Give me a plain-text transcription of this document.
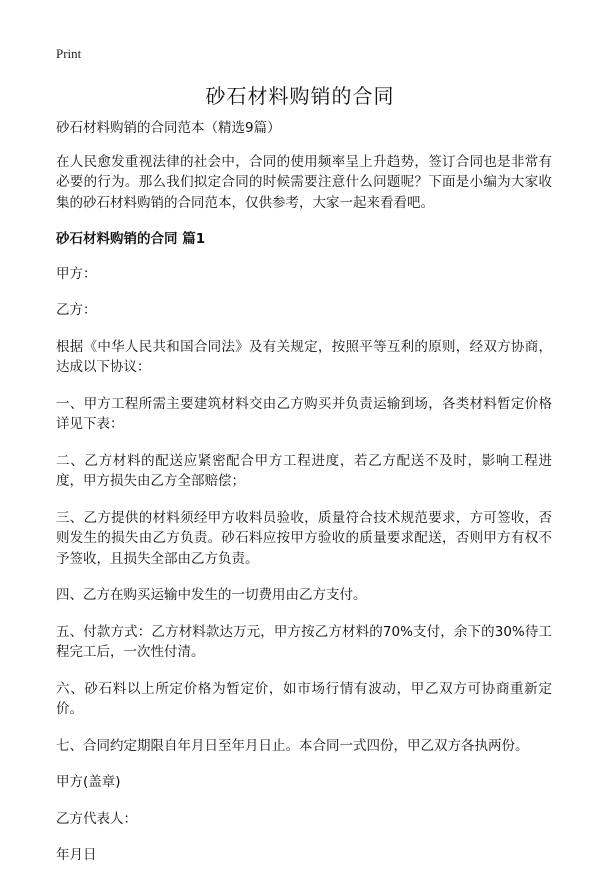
Print
砂石材料购销的合同

砂石材料购销的合同范本（精选9篇）

在人民愈发重视法律的社会中，合同的使用频率呈上升趋势，签订合同也是非常有必要的行为。那么我们拟定合同的时候需要注意什么问题呢？下面是小编为大家收集的砂石材料购销的合同范本，仅供参考，大家一起来看看吧。

砂石材料购销的合同 篇1

甲方：

乙方：

根据《中华人民共和国合同法》及有关规定，按照平等互利的原则，经双方协商，达成以下协议：

一、甲方工程所需主要建筑材料交由乙方购买并负责运输到场，各类材料暂定价格详见下表：

二、乙方材料的配送应紧密配合甲方工程进度，若乙方配送不及时，影响工程进度，甲方损失由乙方全部赔偿；

三、乙方提供的材料须经甲方收料员验收，质量符合技术规范要求，方可签收，否则发生的损失由乙方负责。砂石料应按甲方验收的质量要求配送，否则甲方有权不予签收，且损失全部由乙方负责。

四、乙方在购买运输中发生的一切费用由乙方支付。

五、付款方式：乙方材料款达万元，甲方按乙方材料的70%支付，余下的30%待工程完工后，一次性付清。

六、砂石料以上所定价格为暂定价，如市场行情有波动，甲乙双方可协商重新定价。

七、合同约定期限自年月日至年月日止。本合同一式四份，甲乙双方各执两份。

甲方(盖章)

乙方代表人：

年月日
